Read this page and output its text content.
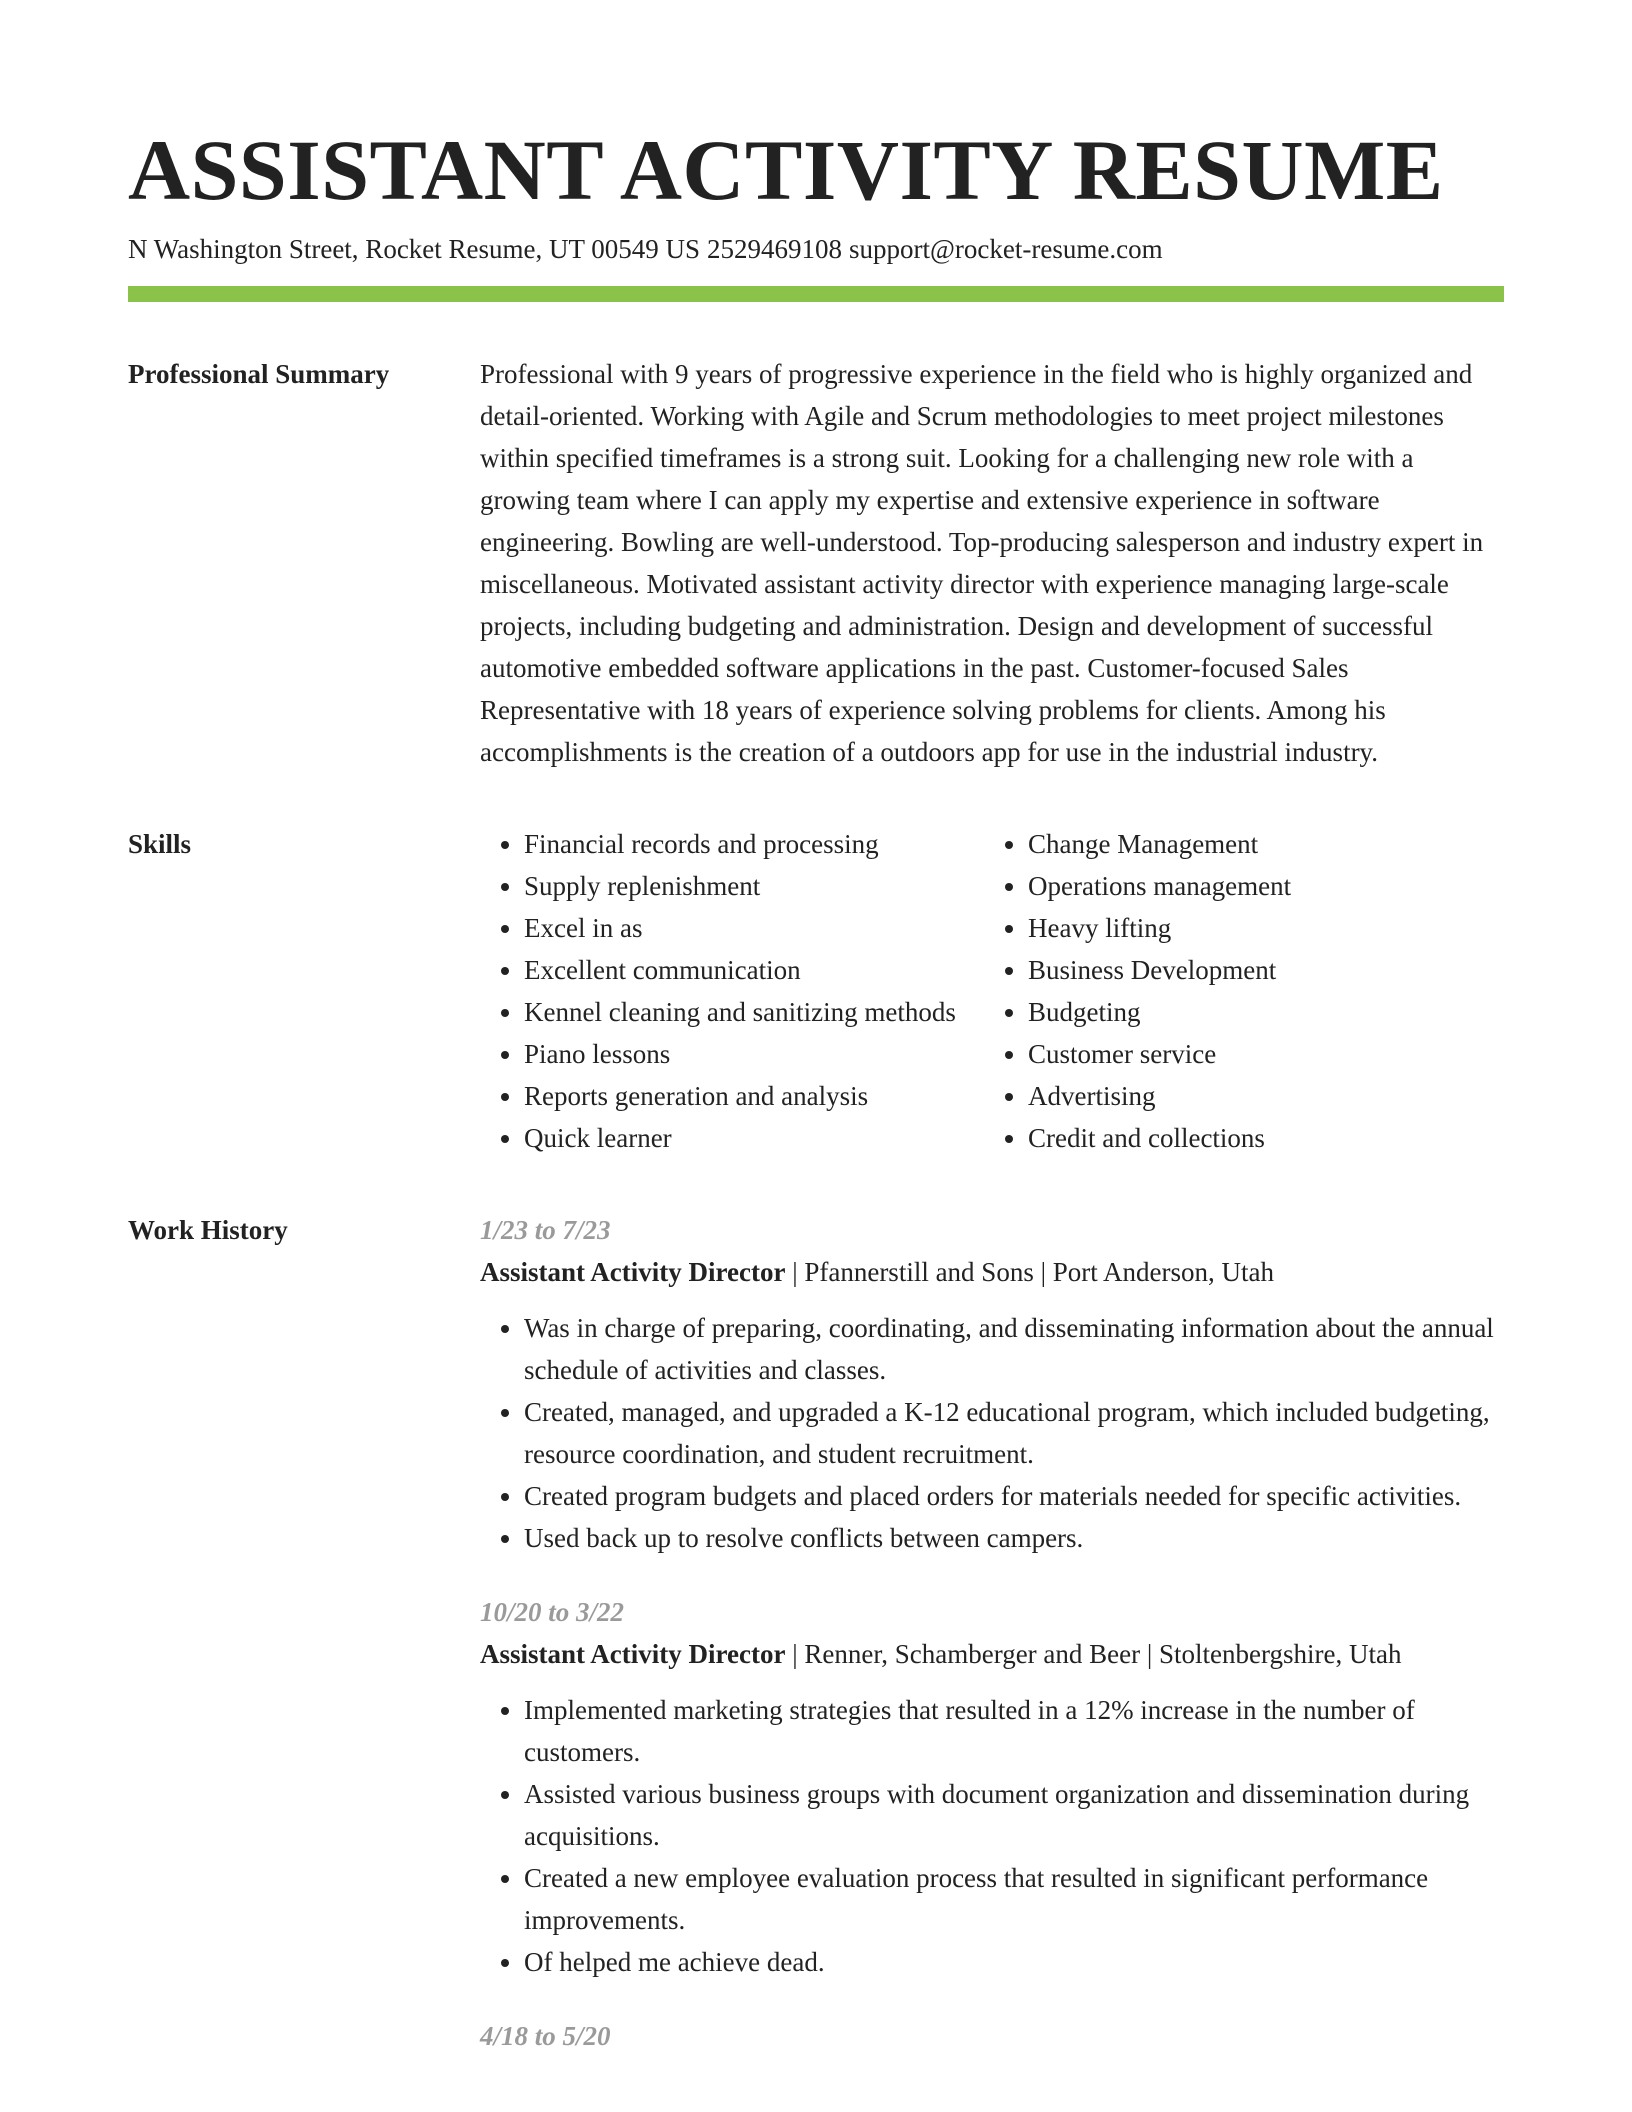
ASSISTANT ACTIVITY RESUME
N Washington Street, Rocket Resume, UT 00549 US 2529469108 support@rocket-resume.com
Professional Summary	Professional with 9 years of progressive experience in the field who is highly organized and detail-oriented. Working with Agile and Scrum methodologies to meet project milestones within specified timeframes is a strong suit. Looking for a challenging new role with a growing team where I can apply my expertise and extensive experience in software engineering. Bowling are well-understood. Top-producing salesperson and industry expert in miscellaneous. Motivated assistant activity director with experience managing large-scale projects, including budgeting and administration. Design and development of successful automotive embedded software applications in the past. Customer-focused Sales Representative with 18 years of experience solving problems for clients. Among his accomplishments is the creation of a outdoors app for use in the industrial industry.

Skills
•	Financial records and processing
• Supply replenishment
• Excel in as
• Excellent communication
• Kennel cleaning and sanitizing methods
• Piano lessons
• Reports generation and analysis
• Quick learner
• Change Management
• Operations management
• Heavy lifting
• Business Development
• Budgeting
• Customer service
• Advertising
• Credit and collections
Work History	1/23 to 7/23
Assistant Activity Director | Pfannerstill and Sons | Port Anderson, Utah
• Was in charge of preparing, coordinating, and disseminating information about the annual schedule of activities and classes.
• Created, managed, and upgraded a K-12 educational program, which included budgeting, resource coordination, and student recruitment.
• Created program budgets and placed orders for materials needed for specific activities.
• Used back up to resolve conflicts between campers.
10/20 to 3/22
Assistant Activity Director | Renner, Schamberger and Beer | Stoltenbergshire, Utah
• Implemented marketing strategies that resulted in a 12% increase in the number of customers.
• Assisted various business groups with document organization and dissemination during acquisitions.
• Created a new employee evaluation process that resulted in significant performance improvements.
• Of helped me achieve dead.
4/18 to 5/20
